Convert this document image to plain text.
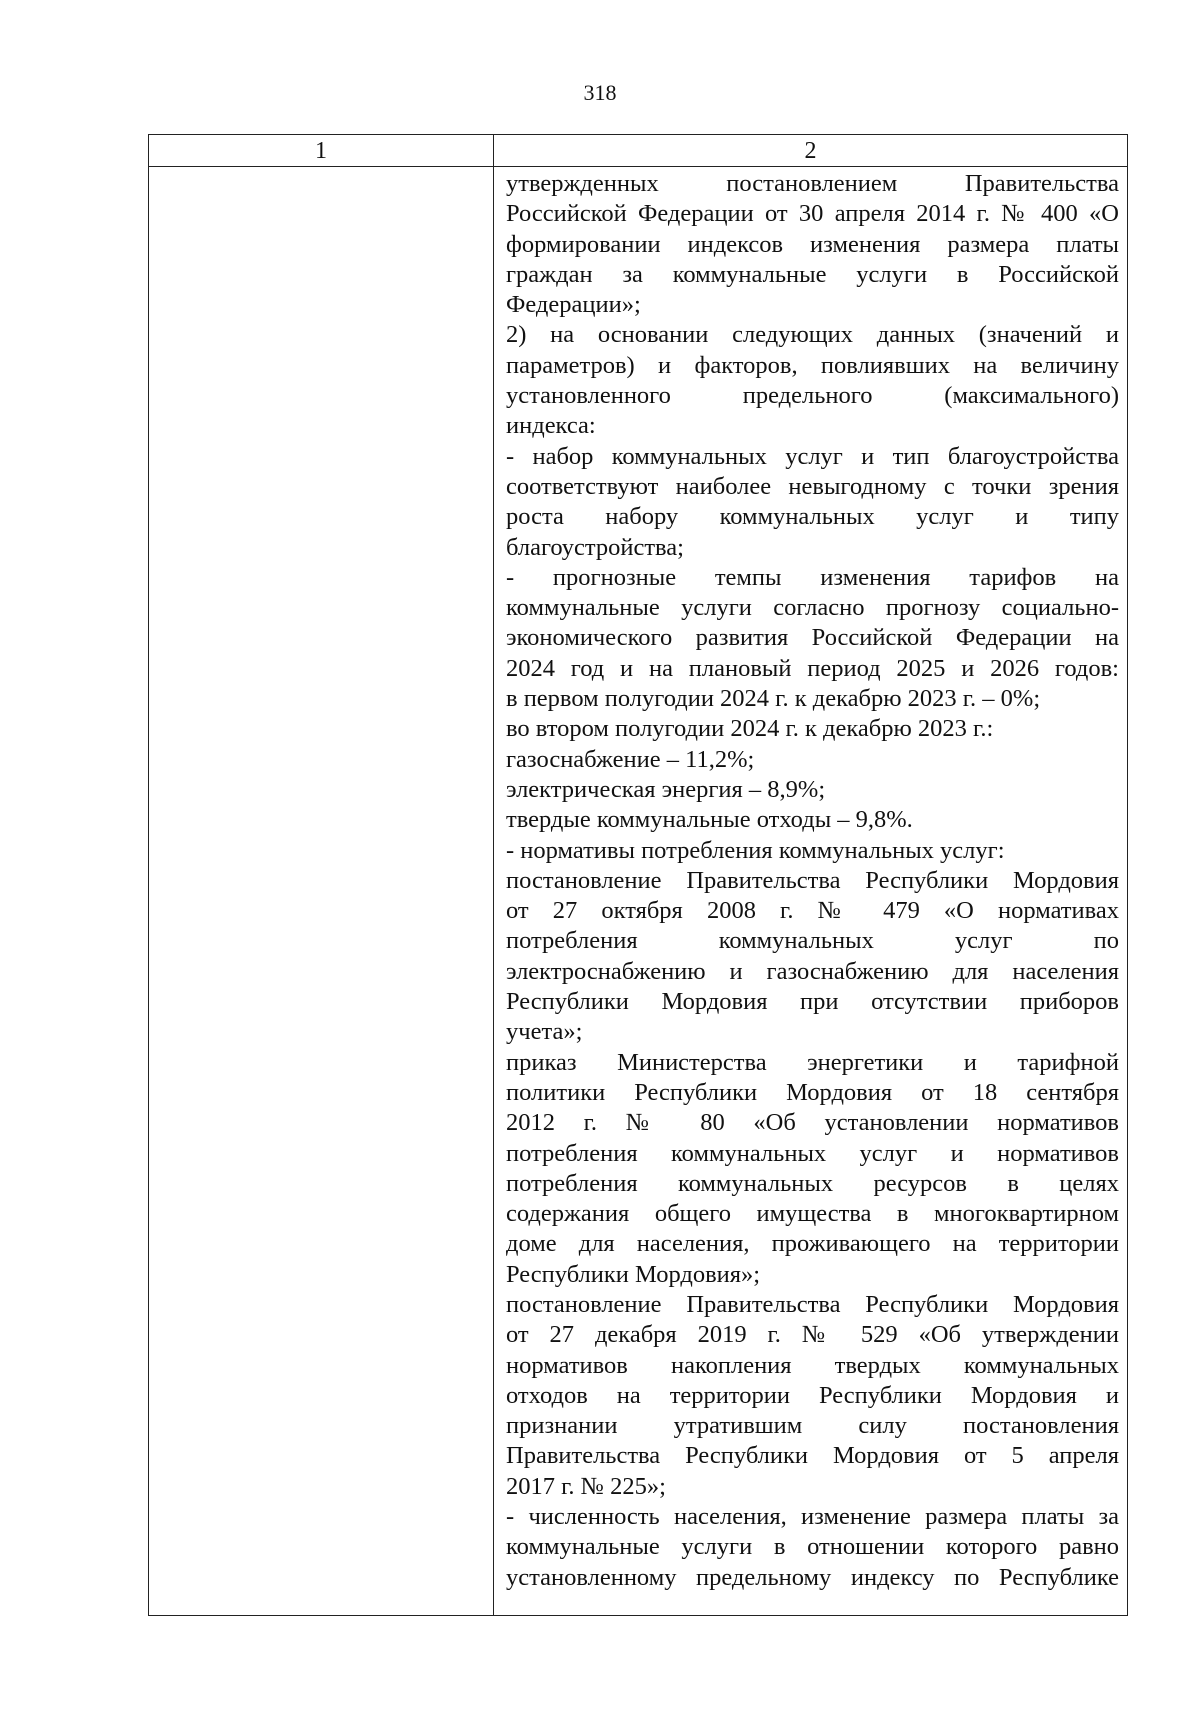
318
1	2
утвержденных постановлением Правительства
Российской Федерации от 30 апреля 2014 г. № 400 «О
формировании индексов изменения размера платы
граждан за коммунальные услуги в Российской
Федерации»;
2) на основании следующих данных (значений и
параметров) и факторов, повлиявших на величину
установленного предельного (максимального)
индекса:
- набор коммунальных услуг и тип благоустройства
соответствуют наиболее невыгодному с точки зрения
роста набору коммунальных услуг и типу
благоустройства;
- прогнозные темпы изменения тарифов на
коммунальные услуги согласно прогнозу социально-
экономического развития Российской Федерации на
2024 год и на плановый период 2025 и 2026 годов:
в первом полугодии 2024 г. к декабрю 2023 г. – 0%;
во втором полугодии 2024 г. к декабрю 2023 г.:
газоснабжение – 11,2%;
электрическая энергия – 8,9%;
твердые коммунальные отходы – 9,8%.
- нормативы потребления коммунальных услуг:
постановление Правительства Республики Мордовия
от 27 октября 2008 г. № 479 «О нормативах
потребления коммунальных услуг по
электроснабжению и газоснабжению для населения
Республики Мордовия при отсутствии приборов
учета»;
приказ Министерства энергетики и тарифной
политики Республики Мордовия от 18 сентября
2012 г. № 80 «Об установлении нормативов
потребления коммунальных услуг и нормативов
потребления коммунальных ресурсов в целях
содержания общего имущества в многоквартирном
доме для населения, проживающего на территории
Республики Мордовия»;
постановление Правительства Республики Мордовия
от 27 декабря 2019 г. № 529 «Об утверждении
нормативов накопления твердых коммунальных
отходов на территории Республики Мордовия и
признании утратившим силу постановления
Правительства Республики Мордовия от 5 апреля
2017 г. № 225»;
- численность населения, изменение размера платы за
коммунальные услуги в отношении которого равно
установленному предельному индексу по Республике
